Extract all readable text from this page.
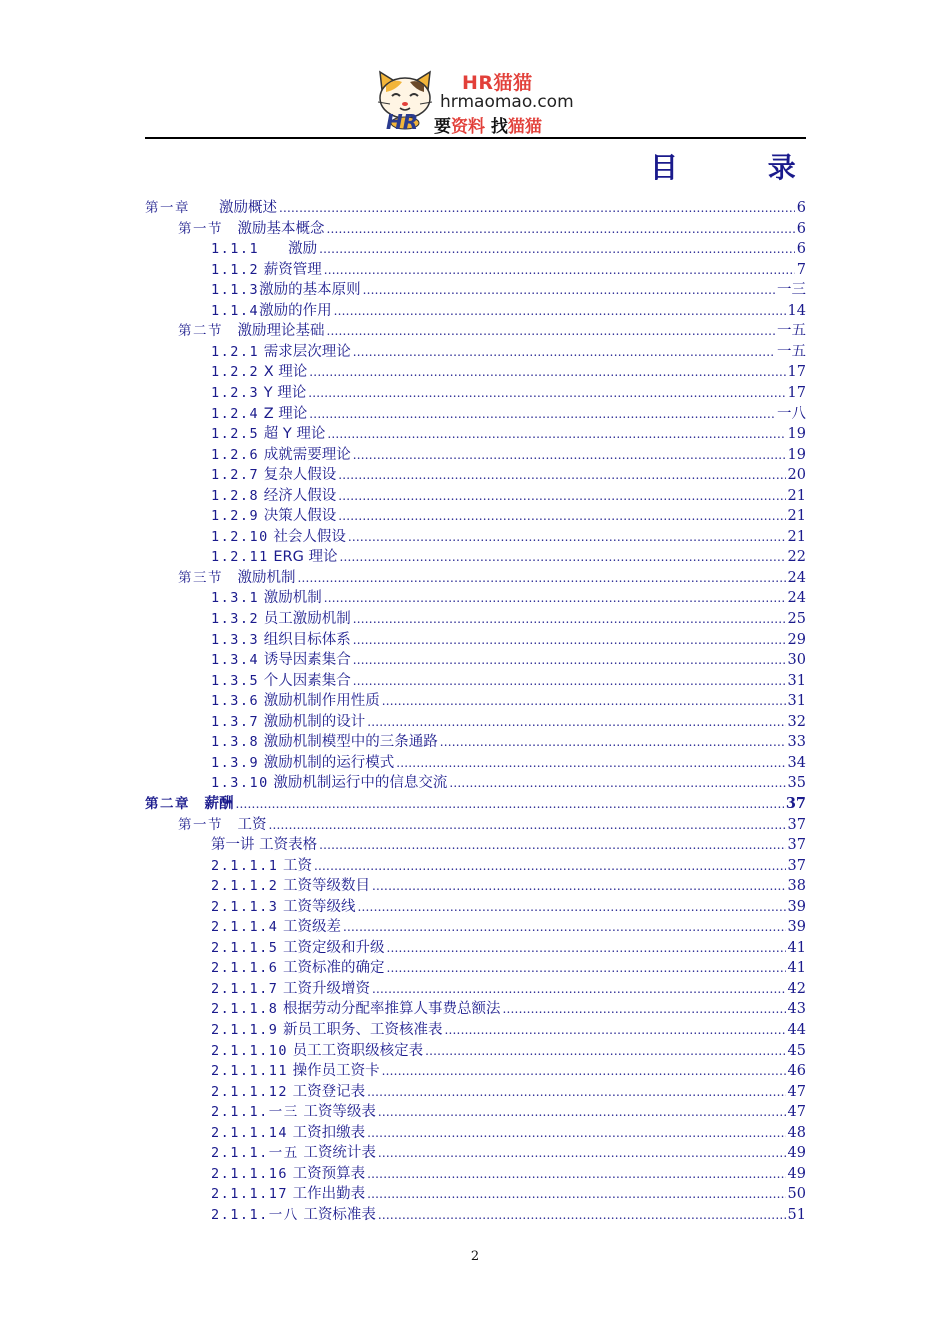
HR猫猫
hrmaomao.com
HR 要资料 找猫猫
目 录
第一章　　激励概述 .....	6
第一节　激励基本概念 .....	6
1.1.1　　激励 .....	6
1.1.2 薪资管理 .....	7
1.1.3激励的基本原则 .....	一三
1.1.4激励的作用 .....	14
第二节　激励理论基础 .....	一五
1.2.1 需求层次理论 .....	一五
1.2.2 X 理论 .....	17
1.2.3 Y 理论 .....	17
1.2.4 Z 理论 .....	一八
1.2.5 超 Y 理论 .....	19
1.2.6 成就需要理论 .....	19
1.2.7 复杂人假设 .....	20
1.2.8 经济人假设 .....	21
1.2.9 决策人假设 .....	21
1.2.10 社会人假设 .....	21
1.2.11 ERG 理论 .....	22
第三节　激励机制 .....	24
1.3.1 激励机制 .....	24
1.3.2 员工激励机制 .....	25
1.3.3 组织目标体系 .....	29
1.3.4 诱导因素集合 .....	30
1.3.5 个人因素集合 .....	31
1.3.6 激励机制作用性质 .....	31
1.3.7 激励机制的设计 .....	32
1.3.8 激励机制模型中的三条通路 .....	33
1.3.9 激励机制的运行模式 .....	34
1.3.10 激励机制运行中的信息交流 .....	35
第二章　薪酬 .....	37
第一节　工资 .....	37
第一讲 工资表格 .....	37
2.1.1.1 工资 .....	37
2.1.1.2 工资等级数目 .....	38
2.1.1.3 工资等级线 .....	39
2.1.1.4 工资级差 .....	39
2.1.1.5 工资定级和升级 .....	41
2.1.1.6 工资标准的确定 .....	41
2.1.1.7 工资升级增资 .....	42
2.1.1.8 根据劳动分配率推算人事费总额法 .....	43
2.1.1.9 新员工职务、工资核准表 .....	44
2.1.1.10 员工工资职级核定表 .....	45
2.1.1.11 操作员工资卡 .....	46
2.1.1.12 工资登记表 .....	47
2.1.1.一三 工资等级表 .....	47
2.1.1.14 工资扣缴表 .....	48
2.1.1.一五 工资统计表 .....	49
2.1.1.16 工资预算表 .....	49
2.1.1.17 工作出勤表 .....	50
2.1.1.一八 工资标准表 .....	51
2
